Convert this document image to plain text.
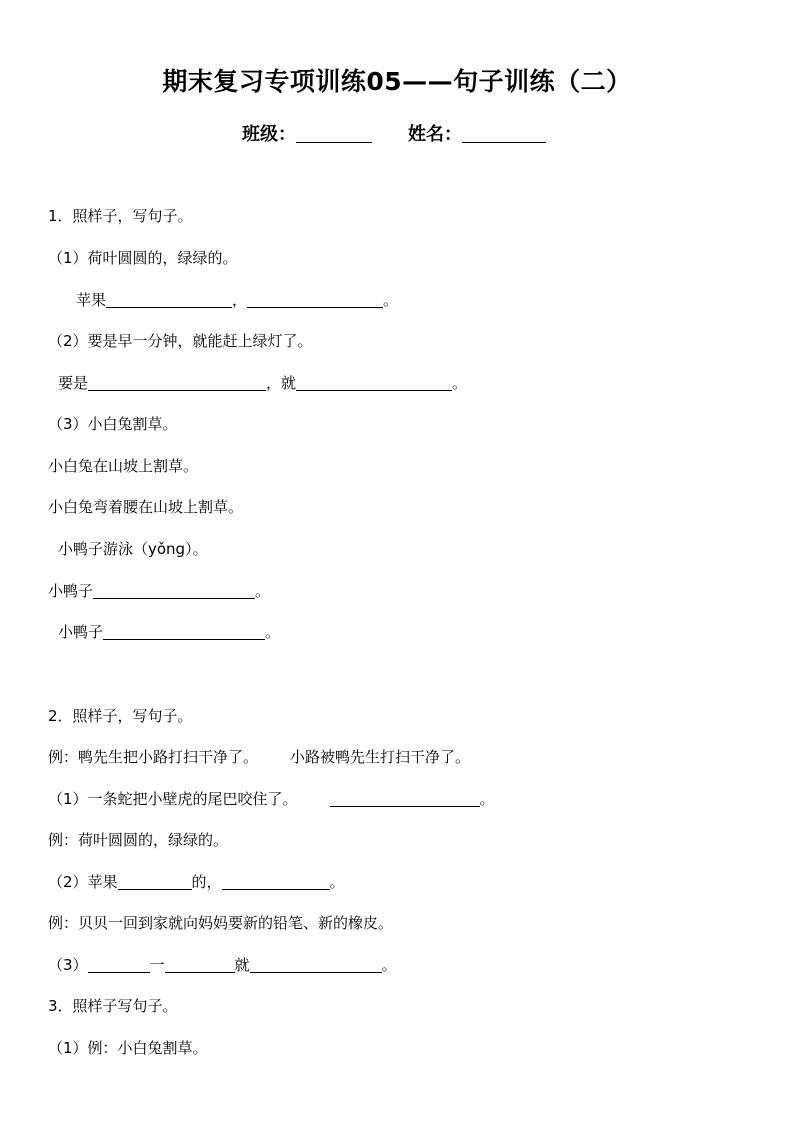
期末复习专项训练05——句子训练（二）
班级：	姓名：
1．照样子，写句子。
（1）荷叶圆圆的，绿绿的。
苹果	，	。
（2）要是早一分钟，就能赶上绿灯了。
要是	，就	。
（3）小白兔割草。
小白兔在山坡上割草。
小白兔弯着腰在山坡上割草。
小鸭子游泳（yǒng）。
小鸭子	。
小鸭子	。
2．照样子，写句子。
例：鸭先生把小路打扫干净了。 小路被鸭先生打扫干净了。
（1）一条蛇把小壁虎的尾巴咬住了。	。
例：荷叶圆圆的，绿绿的。
（2）苹果	的，	。
例：贝贝一回到家就向妈妈要新的铅笔、新的橡皮。
（3）	一	就	。
3．照样子写句子。
（1）例：小白兔割草。
